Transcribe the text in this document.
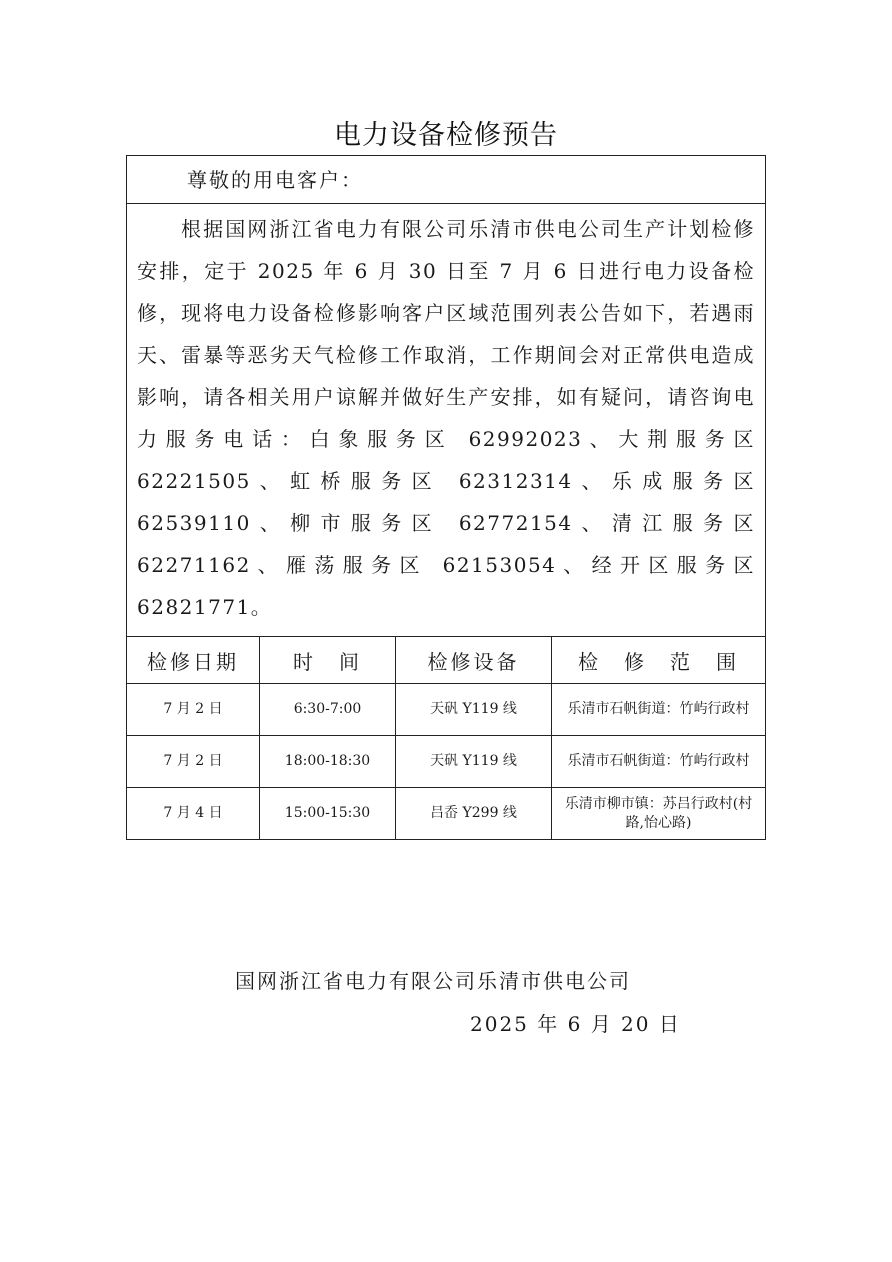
电力设备检修预告
尊敬的用电客户：
根据国网浙江省电力有限公司乐清市供电公司生产计划检修安排，定于 2025 年 6 月 30 日至 7 月 6 日进行电力设备检修，现将电力设备检修影响客户区域范围列表公告如下，若遇雨天、雷暴等恶劣天气检修工作取消，工作期间会对正常供电造成影响，请各相关用户谅解并做好生产安排，如有疑问，请咨询电力服务电话：白象服务区 62992023、大荆服务区 62221505、虹桥服务区 62312314、乐成服务区 62539110、柳市服务区 62772154、清江服务区 62271162、雁荡服务区 62153054、经开区服务区 62821771。
检修日期	时　间	检修设备	检　修　范　围
7 月 2 日	6:30-7:00	天矾 Y119 线	乐清市石帆街道：竹屿行政村
7 月 2 日	18:00-18:30	天矾 Y119 线	乐清市石帆街道：竹屿行政村
7 月 4 日	15:00-15:30	吕岙 Y299 线	乐清市柳市镇：苏吕行政村(村路,怡心路)
国网浙江省电力有限公司乐清市供电公司
2025 年 6 月 20 日
